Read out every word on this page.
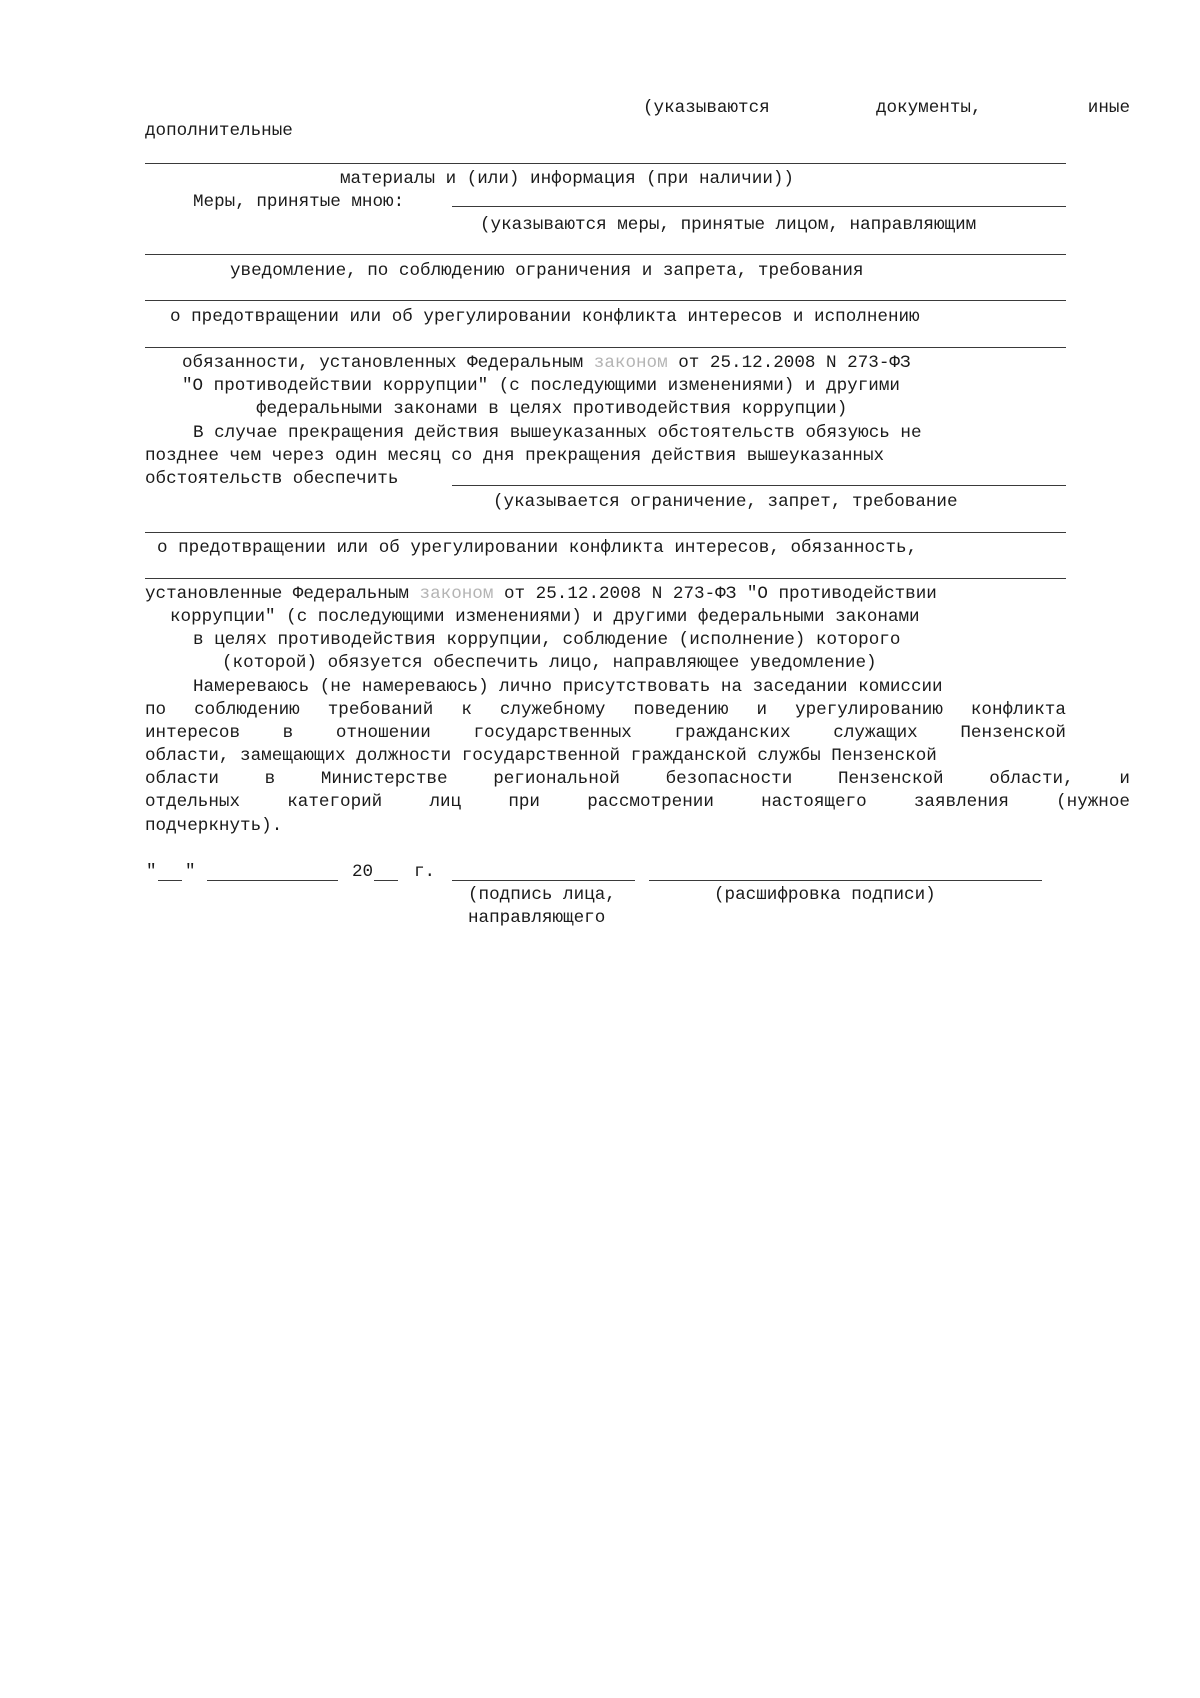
(указываются	документы,	иные
дополнительные
материалы и (или) информация (при наличии))
Меры, принятые мною:
(указываются меры, принятые лицом, направляющим
уведомление, по соблюдению ограничения и запрета, требования
о предотвращении или об урегулировании конфликта интересов и исполнению
обязанности, установленных Федеральным законом от 25.12.2008 N 273-ФЗ
"О противодействии коррупции" (с последующими изменениями) и другими
федеральными законами в целях противодействия коррупции)
В случае прекращения действия вышеуказанных обстоятельств обязуюсь не
позднее чем через один месяц со дня прекращения действия вышеуказанных
обстоятельств обеспечить
(указывается ограничение, запрет, требование
о предотвращении или об урегулировании конфликта интересов, обязанность,
установленные Федеральным законом от 25.12.2008 N 273-ФЗ "О противодействии
коррупции" (с последующими изменениями) и другими федеральными законами
в целях противодействия коррупции, соблюдение (исполнение) которого
(которой) обязуется обеспечить лицо, направляющее уведомление)
Намереваюсь (не намереваюсь) лично присутствовать на заседании комиссии
по соблюдению требований к служебному поведению и урегулированию конфликта
интересов в отношении государственных гражданских служащих Пензенской
области, замещающих должности государственной гражданской службы Пензенской
области	в	Министерстве	региональной	безопасности	Пензенской	области,	и
отдельных	категорий	лиц	при	рассмотрении	настоящего	заявления	(нужное
подчеркнуть).
" "	20 г.
(подпись лица,	(расшифровка подписи)
направляющего
